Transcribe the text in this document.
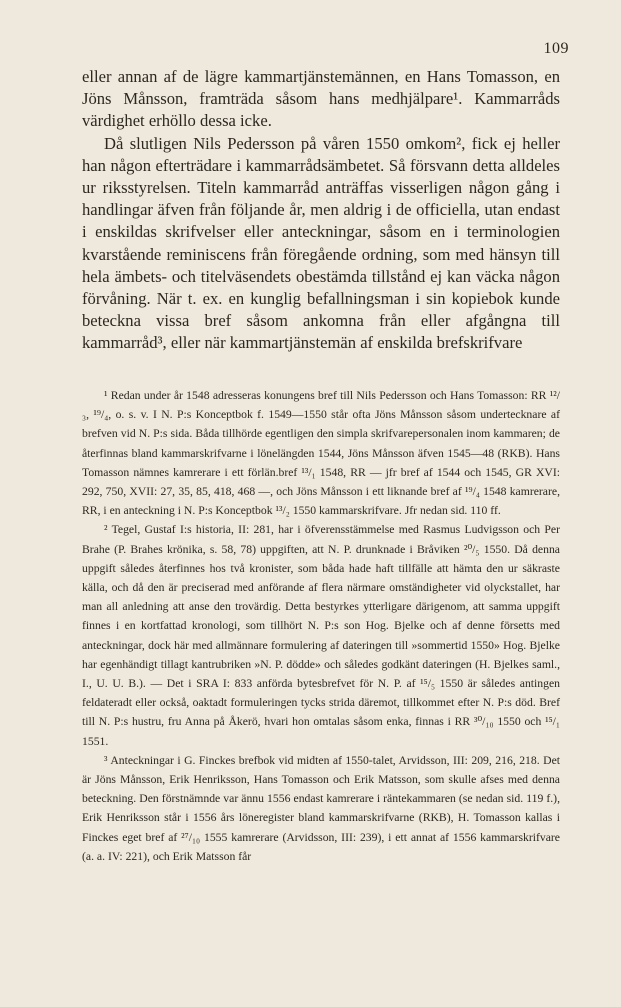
109

eller annan af de lägre kammartjänstemännen, en Hans Tomasson, en Jöns Månsson, framträda såsom hans medhjälpare¹. Kammarråds värdighet erhöllo dessa icke.

Då slutligen Nils Pedersson på våren 1550 omkom², fick ej heller han någon efterträdare i kammarrådsämbetet. Så försvann detta alldeles ur riksstyrelsen. Titeln kammarråd anträffas visserligen någon gång i handlingar äfven från följande år, men aldrig i de officiella, utan endast i enskildas skrifvelser eller anteckningar, såsom en i terminologien kvarstående reminiscens från föregående ordning, som med hänsyn till hela ämbets- och titelväsendets obestämda tillstånd ej kan väcka någon förvåning. När t. ex. en kunglig befallningsman i sin kopiebok kunde beteckna vissa bref såsom ankomna från eller afgångna till kammarråd³, eller när kammartjänstemän af enskilda brefskrifvare

¹ Redan under år 1548 adresseras konungens bref till Nils Pedersson och Hans Tomasson: RR ¹²/₃, ¹⁹/₄, o. s. v. I N. P:s Konceptbok f. 1549—1550 står ofta Jöns Månsson såsom undertecknare af brefven vid N. P:s sida. Båda tillhörde egentligen den simpla skrifvarepersonalen inom kammaren; de återfinnas bland kammarskrifvarne i lönelängden 1544, Jöns Månsson äfven 1545—48 (RKB). Hans Tomasson nämnes kamrerare i ett förlän.bref ¹³/₁ 1548, RR — jfr bref af 1544 och 1545, GR XVI: 292, 750, XVII: 27, 35, 85, 418, 468 —, och Jöns Månsson i ett liknande bref af ¹⁹/₄ 1548 kamrerare, RR, i en anteckning i N. P:s Konceptbok ¹³/₂ 1550 kammarskrifvare. Jfr nedan sid. 110 ff.

² Tegel, Gustaf I:s historia, II: 281, har i öfverensstämmelse med Rasmus Ludvigsson och Per Brahe (P. Brahes krönika, s. 58, 78) uppgiften, att N. P. drunknade i Bråviken ²⁰/₅ 1550. Då denna uppgift således återfinnes hos två kronister, som båda hade haft tillfälle att hämta den ur säkraste källa, och då den är preciserad med anförande af flera närmare omständigheter vid olyckstallet, har man all anledning att anse den trovärdig. Detta bestyrkes ytterligare därigenom, att samma uppgift finnes i en kortfattad kronologi, som tillhört N. P:s son Hog. Bjelke och af denne försetts med anteckningar, dock här med allmännare formulering af dateringen till »sommertid 1550» Hog. Bjelke har egenhändigt tillagt kantrubriken »N. P. dödde» och således godkänt dateringen (H. Bjelkes saml., I., U. U. B.). — Det i SRA I: 833 anförda bytesbrefvet för N. P. af ¹⁵/₅ 1550 är således antingen feldateradt eller också, oaktadt formuleringen tycks strida däremot, tillkommet efter N. P:s död. Bref till N. P:s hustru, fru Anna på Åkerö, hvari hon omtalas såsom enka, finnas i RR ³⁰/₁₀ 1550 och ¹⁵/₁ 1551.

³ Anteckningar i G. Finckes brefbok vid midten af 1550-talet, Arvidsson, III: 209, 216, 218. Det är Jöns Månsson, Erik Henriksson, Hans Tomasson och Erik Matsson, som skulle afses med denna beteckning. Den förstnämnde var ännu 1556 endast kamrerare i räntekammaren (se nedan sid. 119 f.), Erik Henriksson står i 1556 års löneregister bland kammarskrifvarne (RKB), H. Tomasson kallas i Finckes eget bref af ²⁷/₁₀ 1555 kamrerare (Arvidsson, III: 239), i ett annat af 1556 kammarskrifvare (a. a. IV: 221), och Erik Matsson får
